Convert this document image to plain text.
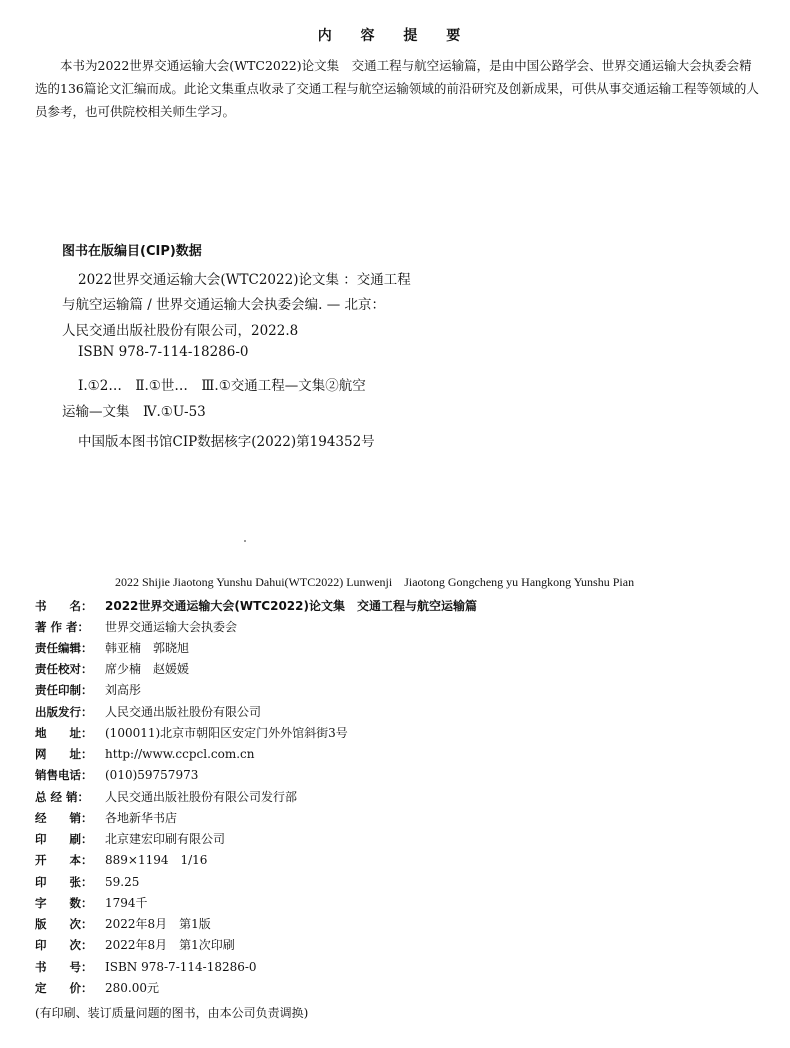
内 容 提 要

本书为2022世界交通运输大会(WTC2022)论文集　交通工程与航空运输篇，是由中国公路学会、世界交通运输大会执委会精选的136篇论文汇编而成。此论文集重点收录了交通工程与航空运输领域的前沿研究及创新成果，可供从事交通运输工程等领域的人员参考，也可供院校相关师生学习。

图书在版编目(CIP)数据
2022世界交通运输大会(WTC2022)论文集 ：交通工程
与航空运输篇 / 世界交通运输大会执委会编. — 北京：
人民交通出版社股份有限公司，2022.8
ISBN 978-7-114-18286-0
Ⅰ.①2…　Ⅱ.①世…　Ⅲ.①交通工程—文集②航空
运输—文集　Ⅳ.①U-53
中国版本图书馆CIP数据核字(2022)第194352号
2022 Shijie Jiaotong Yunshu Dahui(WTC2022) Lunwenji　Jiaotong Gongcheng yu Hangkong Yunshu Pian
书　　名： 2022世界交通运输大会(WTC2022)论文集　交通工程与航空运输篇
著 作 者： 世界交通运输大会执委会
责任编辑： 韩亚楠　郭晓旭
责任校对： 席少楠　赵媛媛
责任印制： 刘高彤
出版发行： 人民交通出版社股份有限公司
地　　址： (100011)北京市朝阳区安定门外外馆斜街3号
网　　址： http://www.ccpcl.com.cn
销售电话： (010)59757973
总 经 销： 人民交通出版社股份有限公司发行部
经　　销： 各地新华书店
印　　刷： 北京建宏印刷有限公司
开　　本： 889×1194　1/16
印　　张： 59.25
字　　数： 1794千
版　　次： 2022年8月　第1版
印　　次： 2022年8月　第1次印刷
书　　号： ISBN 978-7-114-18286-0
定　　价： 280.00元
(有印刷、装订质量问题的图书，由本公司负责调换)
